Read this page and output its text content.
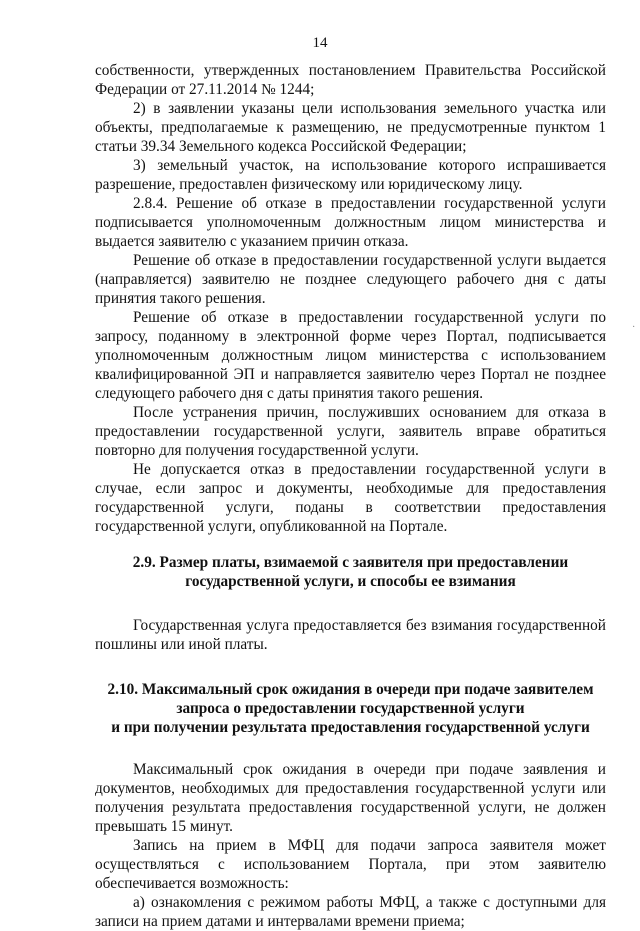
14

собственности, утвержденных постановлением Правительства Российской Федерации от 27.11.2014 № 1244;

2) в заявлении указаны цели использования земельного участка или объекты, предполагаемые к размещению, не предусмотренные пунктом 1 статьи 39.34 Земельного кодекса Российской Федерации;

3) земельный участок, на использование которого испрашивается разрешение, предоставлен физическому или юридическому лицу.

2.8.4. Решение об отказе в предоставлении государственной услуги подписывается уполномоченным должностным лицом министерства и выдается заявителю с указанием причин отказа.

Решение об отказе в предоставлении государственной услуги выдается (направляется) заявителю не позднее следующего рабочего дня с даты принятия такого решения.

Решение об отказе в предоставлении государственной услуги по запросу, поданному в электронной форме через Портал, подписывается уполномоченным должностным лицом министерства с использованием квалифицированной ЭП и направляется заявителю через Портал не позднее следующего рабочего дня с даты принятия такого решения.

После устранения причин, послуживших основанием для отказа в предоставлении государственной услуги, заявитель вправе обратиться повторно для получения государственной услуги.

Не допускается отказ в предоставлении государственной услуги в случае, если запрос и документы, необходимые для предоставления государственной услуги, поданы в соответствии предоставления государственной услуги, опубликованной на Портале.

2.9. Размер платы, взимаемой с заявителя при предоставлении
государственной услуги, и способы ее взимания

Государственная услуга предоставляется без взимания государственной пошлины или иной платы.

2.10. Максимальный срок ожидания в очереди при подаче заявителем
запроса о предоставлении государственной услуги
и при получении результата предоставления государственной услуги

Максимальный срок ожидания в очереди при подаче заявления и документов, необходимых для предоставления государственной услуги или получения результата предоставления государственной услуги, не должен превышать 15 минут.

Запись на прием в МФЦ для подачи запроса заявителя может осуществляться с использованием Портала, при этом заявителю обеспечивается возможность:

а) ознакомления с режимом работы МФЦ, а также с доступными для записи на прием датами и интервалами времени приема;

·
